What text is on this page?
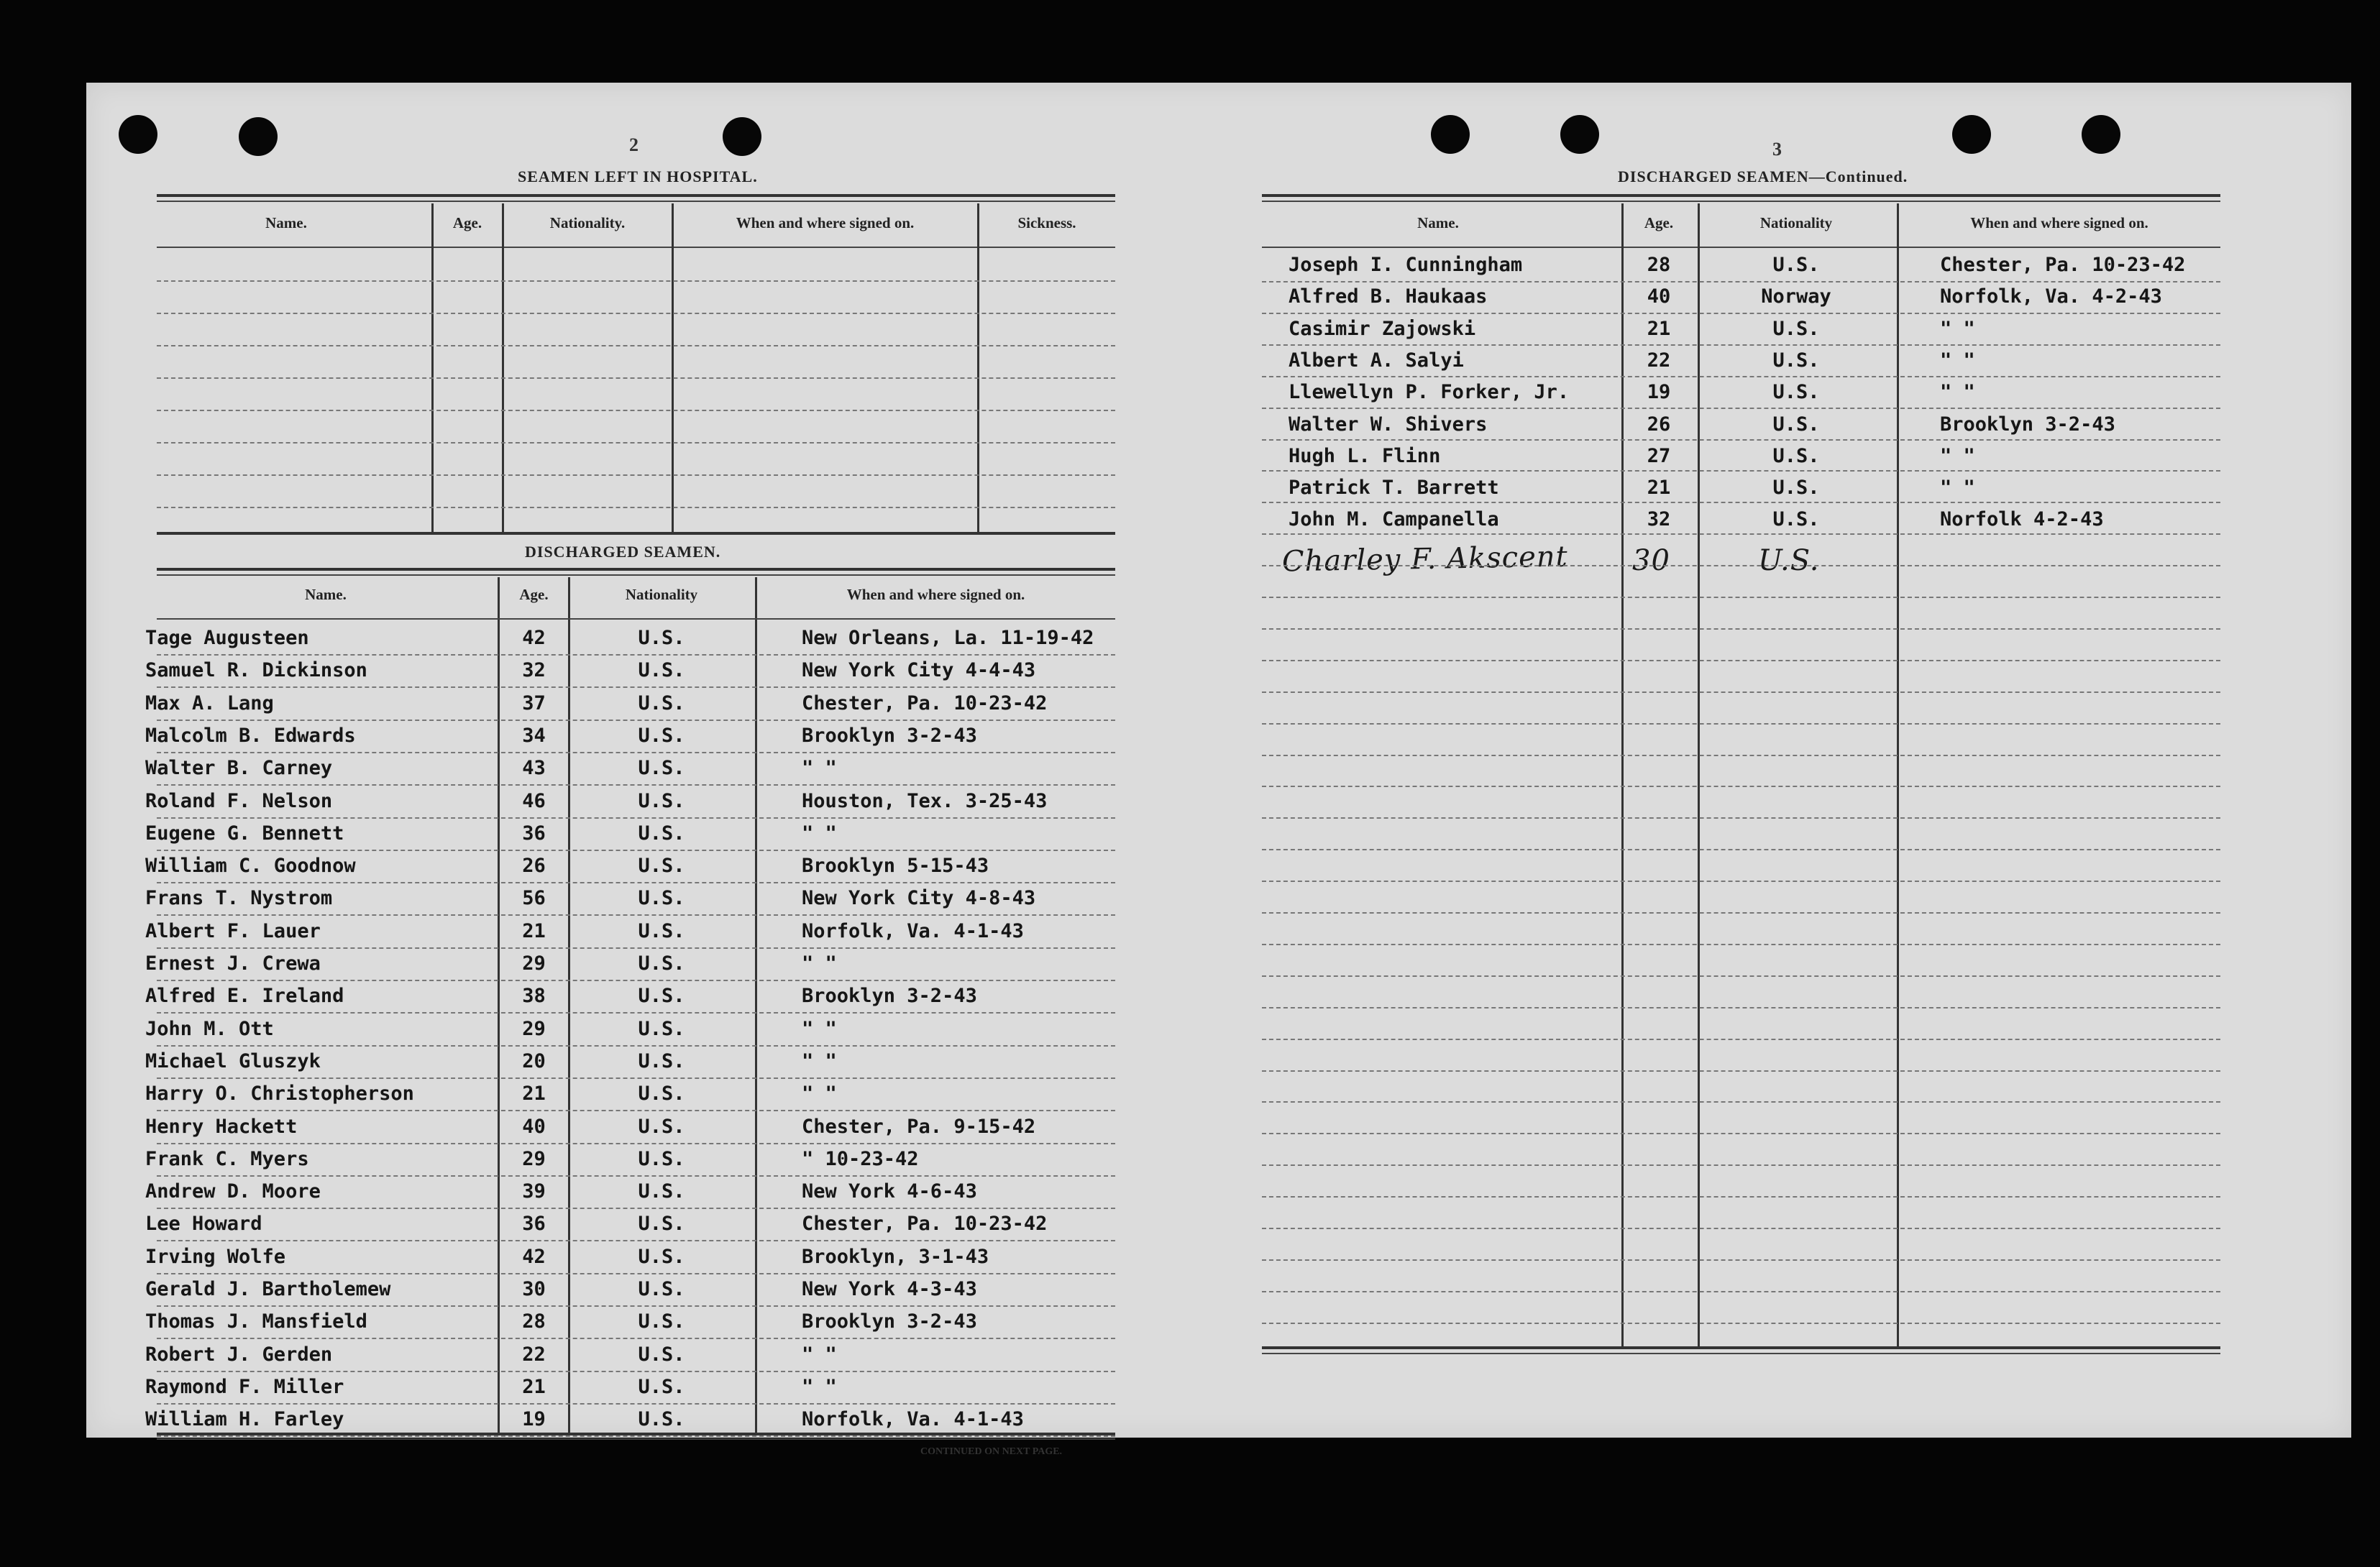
2
SEAMEN LEFT IN HOSPITAL.
Name.	Age.	Nationality.	When and where signed on.	Sickness.
DISCHARGED SEAMEN.
Name.	Age.	Nationality	When and where signed on.
Tage Augusteen	42	U.S.	New Orleans, La. 11-19-42
Samuel R. Dickinson	32	U.S.	New York City 4-4-43
Max A. Lang	37	U.S.	Chester, Pa. 10-23-42
Malcolm B. Edwards	34	U.S.	Brooklyn 3-2-43
Walter B. Carney	43	U.S.	" "
Roland F. Nelson	46	U.S.	Houston, Tex. 3-25-43
Eugene G. Bennett	36	U.S.	" "
William C. Goodnow	26	U.S.	Brooklyn 5-15-43
Frans T. Nystrom	56	U.S.	New York City 4-8-43
Albert F. Lauer	21	U.S.	Norfolk, Va. 4-1-43
Ernest J. Crewa	29	U.S.	" "
Alfred E. Ireland	38	U.S.	Brooklyn 3-2-43
John M. Ott	29	U.S.	" "
Michael Gluszyk	20	U.S.	" "
Harry O. Christopherson	21	U.S.	" "
Henry Hackett	40	U.S.	Chester, Pa. 9-15-42
Frank C. Myers	29	U.S.	" 10-23-42
Andrew D. Moore	39	U.S.	New York 4-6-43
Lee Howard	36	U.S.	Chester, Pa. 10-23-42
Irving Wolfe	42	U.S.	Brooklyn, 3-1-43
Gerald J. Bartholemew	30	U.S.	New York 4-3-43
Thomas J. Mansfield	28	U.S.	Brooklyn 3-2-43
Robert J. Gerden	22	U.S.	" "
Raymond F. Miller	21	U.S.	" "
William H. Farley	19	U.S.	Norfolk, Va. 4-1-43
CONTINUED ON NEXT PAGE.
3
DISCHARGED SEAMEN—Continued.
Name.	Age.	Nationality	When and where signed on.
Joseph I. Cunningham	28	U.S.	Chester, Pa. 10-23-42
Alfred B. Haukaas	40	Norway	Norfolk, Va. 4-2-43
Casimir Zajowski	21	U.S.	" "
Albert A. Salyi	22	U.S.	" "
Llewellyn P. Forker, Jr.	19	U.S.	" "
Walter W. Shivers	26	U.S.	Brooklyn 3-2-43
Hugh L. Flinn	27	U.S.	" "
Patrick T. Barrett	21	U.S.	" "
John M. Campanella	32	U.S.	Norfolk 4-2-43
Charley F. Akscent 30	U.S.
